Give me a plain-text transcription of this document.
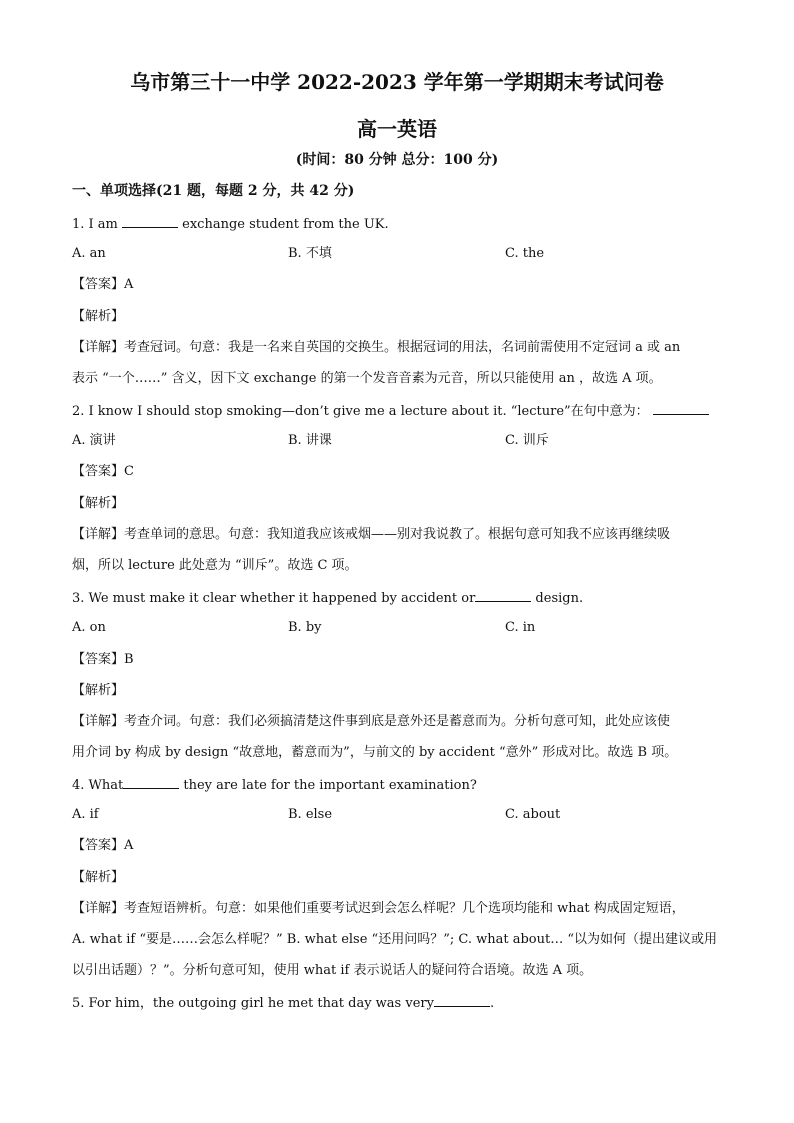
乌市第三十一中学 2022-2023 学年第一学期期末考试问卷
高一英语
(时间：80 分钟 总分：100 分)
一、单项选择(21 题，每题 2 分，共 42 分)
1. I am	exchange student from the UK.
A. an	B. 不填	C. the
【答案】A
【解析】
【详解】考查冠词。句意：我是一名来自英国的交换生。根据冠词的用法，名词前需使用不定冠词 a 或 an
表示 “一个……” 含义，因下文 exchange 的第一个发音音素为元音，所以只能使用 an ，故选 A 项。
2. I know I should stop smoking—don’t give me a lecture about it. “lecture”在句中意为：
A. 演讲	B. 讲课	C. 训斥
【答案】C
【解析】
【详解】考查单词的意思。句意：我知道我应该戒烟——别对我说教了。根据句意可知我不应该再继续吸
烟，所以 lecture 此处意为 “训斥”。故选 C 项。
3. We must make it clear whether it happened by accident or	design.
A. on	B. by	C. in
【答案】B
【解析】
【详解】考查介词。句意：我们必须搞清楚这件事到底是意外还是蓄意而为。分析句意可知，此处应该使
用介词 by 构成 by design “故意地，蓄意而为”，与前文的 by accident “意外” 形成对比。故选 B 项。
4. What	they are late for the important examination?
A. if	B. else	C. about
【答案】A
【解析】
【详解】考查短语辨析。句意：如果他们重要考试迟到会怎么样呢？几个选项均能和 what 构成固定短语，
A. what if “要是……会怎么样呢？” B. what else “还用问吗？”; C. what about… “以为如何（提出建议或用
以引出话题）？”。分析句意可知，使用 what if 表示说话人的疑问符合语境。故选 A 项。
5. For him，the outgoing girl he met that day was very	.
